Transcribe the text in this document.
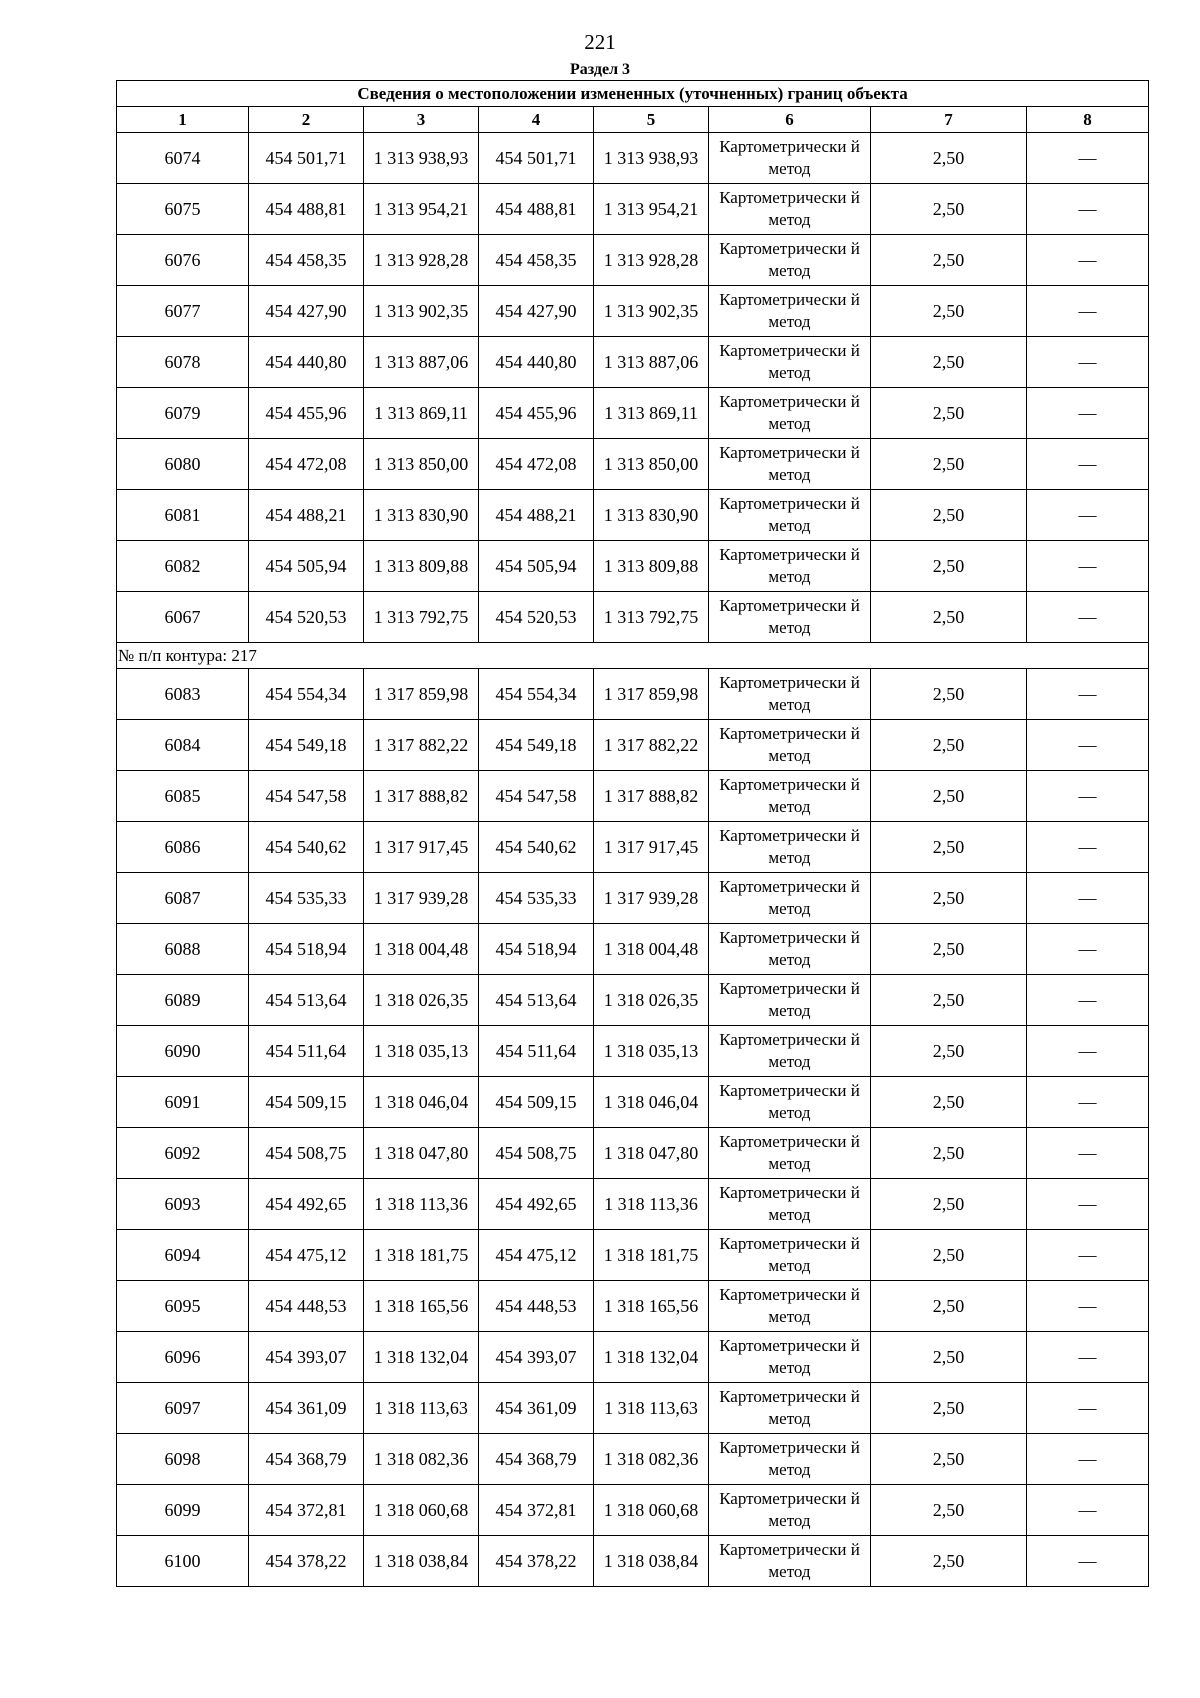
221
Раздел 3
Сведения о местоположении измененных (уточненных) границ объекта							
1	2	3	4	5	6	7	8
6074	454 501,71	1 313 938,93	454 501,71	1 313 938,93	Картометрически й метод	2,50	—
6075	454 488,81	1 313 954,21	454 488,81	1 313 954,21	Картометрически й метод	2,50	—
6076	454 458,35	1 313 928,28	454 458,35	1 313 928,28	Картометрически й метод	2,50	—
6077	454 427,90	1 313 902,35	454 427,90	1 313 902,35	Картометрически й метод	2,50	—
6078	454 440,80	1 313 887,06	454 440,80	1 313 887,06	Картометрически й метод	2,50	—
6079	454 455,96	1 313 869,11	454 455,96	1 313 869,11	Картометрически й метод	2,50	—
6080	454 472,08	1 313 850,00	454 472,08	1 313 850,00	Картометрически й метод	2,50	—
6081	454 488,21	1 313 830,90	454 488,21	1 313 830,90	Картометрически й метод	2,50	—
6082	454 505,94	1 313 809,88	454 505,94	1 313 809,88	Картометрически й метод	2,50	—
6067	454 520,53	1 313 792,75	454 520,53	1 313 792,75	Картометрически й метод	2,50	—
№ п/п контура: 217							
6083	454 554,34	1 317 859,98	454 554,34	1 317 859,98	Картометрически й метод	2,50	—
6084	454 549,18	1 317 882,22	454 549,18	1 317 882,22	Картометрически й метод	2,50	—
6085	454 547,58	1 317 888,82	454 547,58	1 317 888,82	Картометрически й метод	2,50	—
6086	454 540,62	1 317 917,45	454 540,62	1 317 917,45	Картометрически й метод	2,50	—
6087	454 535,33	1 317 939,28	454 535,33	1 317 939,28	Картометрически й метод	2,50	—
6088	454 518,94	1 318 004,48	454 518,94	1 318 004,48	Картометрически й метод	2,50	—
6089	454 513,64	1 318 026,35	454 513,64	1 318 026,35	Картометрически й метод	2,50	—
6090	454 511,64	1 318 035,13	454 511,64	1 318 035,13	Картометрически й метод	2,50	—
6091	454 509,15	1 318 046,04	454 509,15	1 318 046,04	Картометрически й метод	2,50	—
6092	454 508,75	1 318 047,80	454 508,75	1 318 047,80	Картометрически й метод	2,50	—
6093	454 492,65	1 318 113,36	454 492,65	1 318 113,36	Картометрически й метод	2,50	—
6094	454 475,12	1 318 181,75	454 475,12	1 318 181,75	Картометрически й метод	2,50	—
6095	454 448,53	1 318 165,56	454 448,53	1 318 165,56	Картометрически й метод	2,50	—
6096	454 393,07	1 318 132,04	454 393,07	1 318 132,04	Картометрически й метод	2,50	—
6097	454 361,09	1 318 113,63	454 361,09	1 318 113,63	Картометрически й метод	2,50	—
6098	454 368,79	1 318 082,36	454 368,79	1 318 082,36	Картометрически й метод	2,50	—
6099	454 372,81	1 318 060,68	454 372,81	1 318 060,68	Картометрически й метод	2,50	—
6100	454 378,22	1 318 038,84	454 378,22	1 318 038,84	Картометрически й метод	2,50	—
